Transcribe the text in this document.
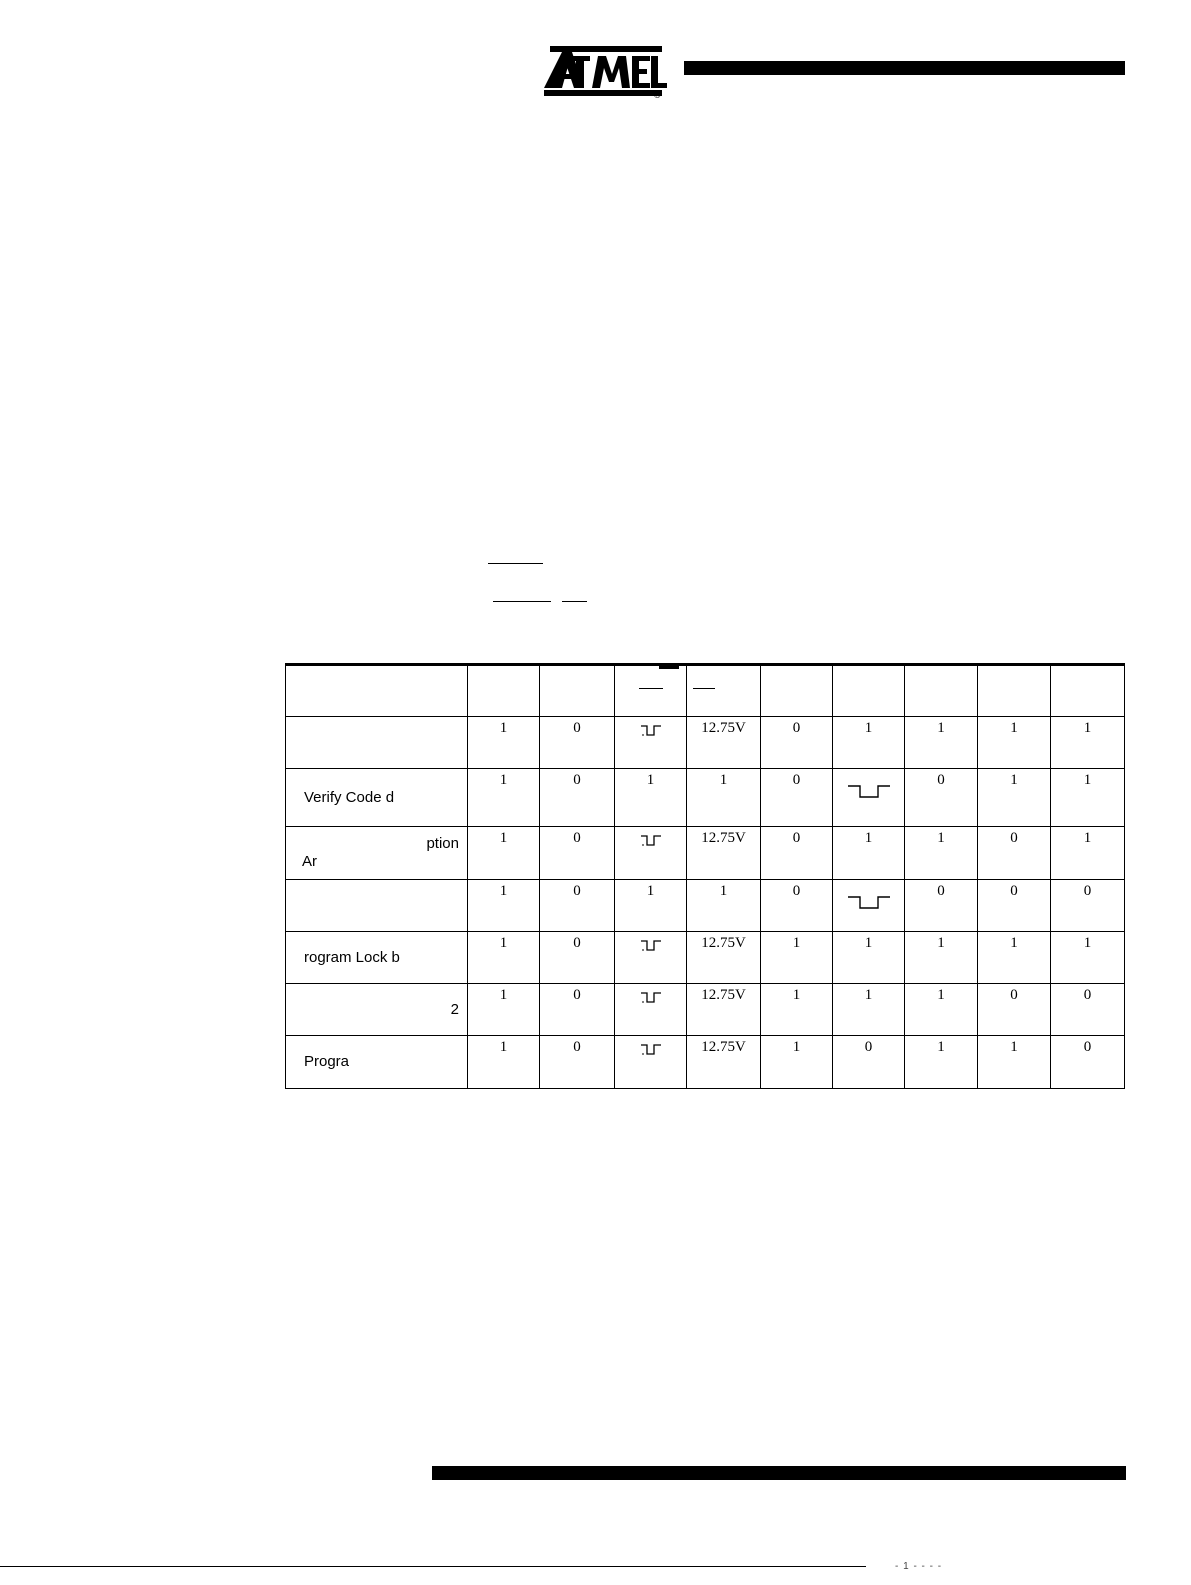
®

	1	0		12.75V	0	1	1	1	1

Verify Code d	1	0	1	1	0		0	1	1

ption
Ar	1	0		12.75V	0	1	1	0	1

	1	0	1	1	0		0	0	0

rogram Lock b	1	0		12.75V	1	1	1	1	1

2	1	0		12.75V	1	1	1	0	0

Progra	1	0		12.75V	1	0	1	1	0
- 1 - - - -
